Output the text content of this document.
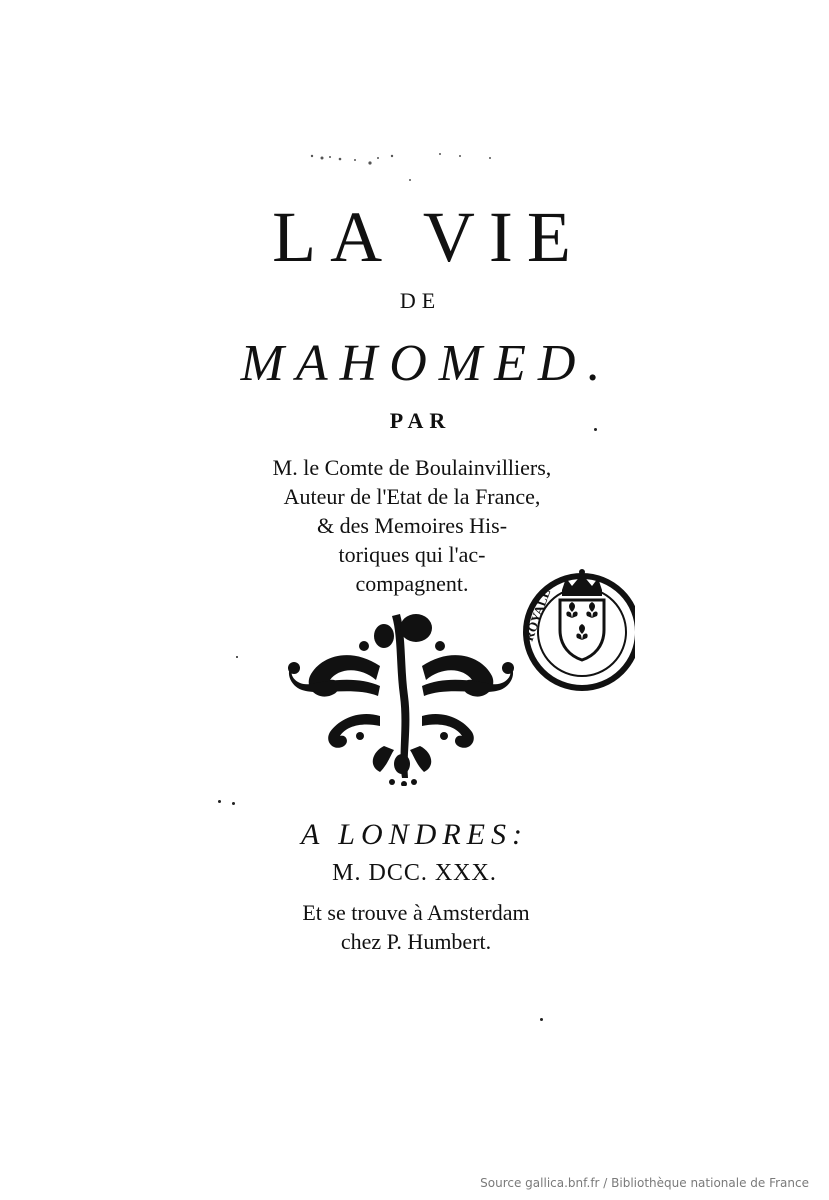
LA VIE
DE
MAHOMED.
PAR
M. le Comte de Boulainvilliers,
Auteur de l'Etat de la France,
& des Memoires His-
toriques qui l'ac-
compagnent.
ROYALE
A LONDRES:
M. DCC. XXX.
Et se trouve à Amsterdam
chez P. Humbert.
Source gallica.bnf.fr / Bibliothèque nationale de France
